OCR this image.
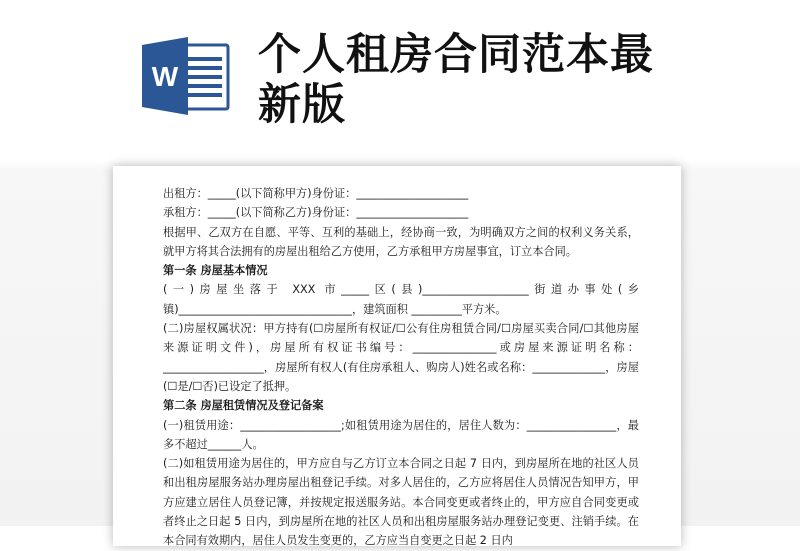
W 个人租房合同范本最新版
出租方：_____(以下简称甲方)身份证：____________________
承租方：_____(以下简称乙方)身份证：____________________
根据甲、乙双方在自愿、平等、互利的基础上，经协商一致，为明确双方之间的权利义务关系，就甲方将其合法拥有的房屋出租给乙方使用，乙方承租甲方房屋事宜，订立本合同。
第一条 房屋基本情况
(一)房屋坐落于 XXX 市_____区(县)___________________街道办事处(乡镇)_______________________________，建筑面积 _________平方米。
(二)房屋权属状况：甲方持有(☐房屋所有权证/☐公有住房租赁合同/☐房屋买卖合同/☐其他房屋来源证明文件)，房屋所有权证书编号：_______________或房屋来源证明名称：__________________，房屋所有权人(有住房承租人、购房人)姓名或名称：_____________，房屋(☐是/☐否)已设定了抵押。
第二条 房屋租赁情况及登记备案
(一)租赁用途：__________________;如租赁用途为居住的，居住人数为：________________，最多不超过______人。
(二)如租赁用途为居住的，甲方应自与乙方订立本合同之日起 7 日内，到房屋所在地的社区人员和出租房屋服务站办理房屋出租登记手续。对多人居住的，乙方应将居住人员情况告知甲方，甲方应建立居住人员登记簿，并按规定报送服务站。本合同变更或者终止的，甲方应自合同变更或者终止之日起 5 日内，到房屋所在地的社区人员和出租房屋服务站办理登记变更、注销手续。在本合同有效期内，居住人员发生变更的，乙方应当自变更之日起 2 日内
